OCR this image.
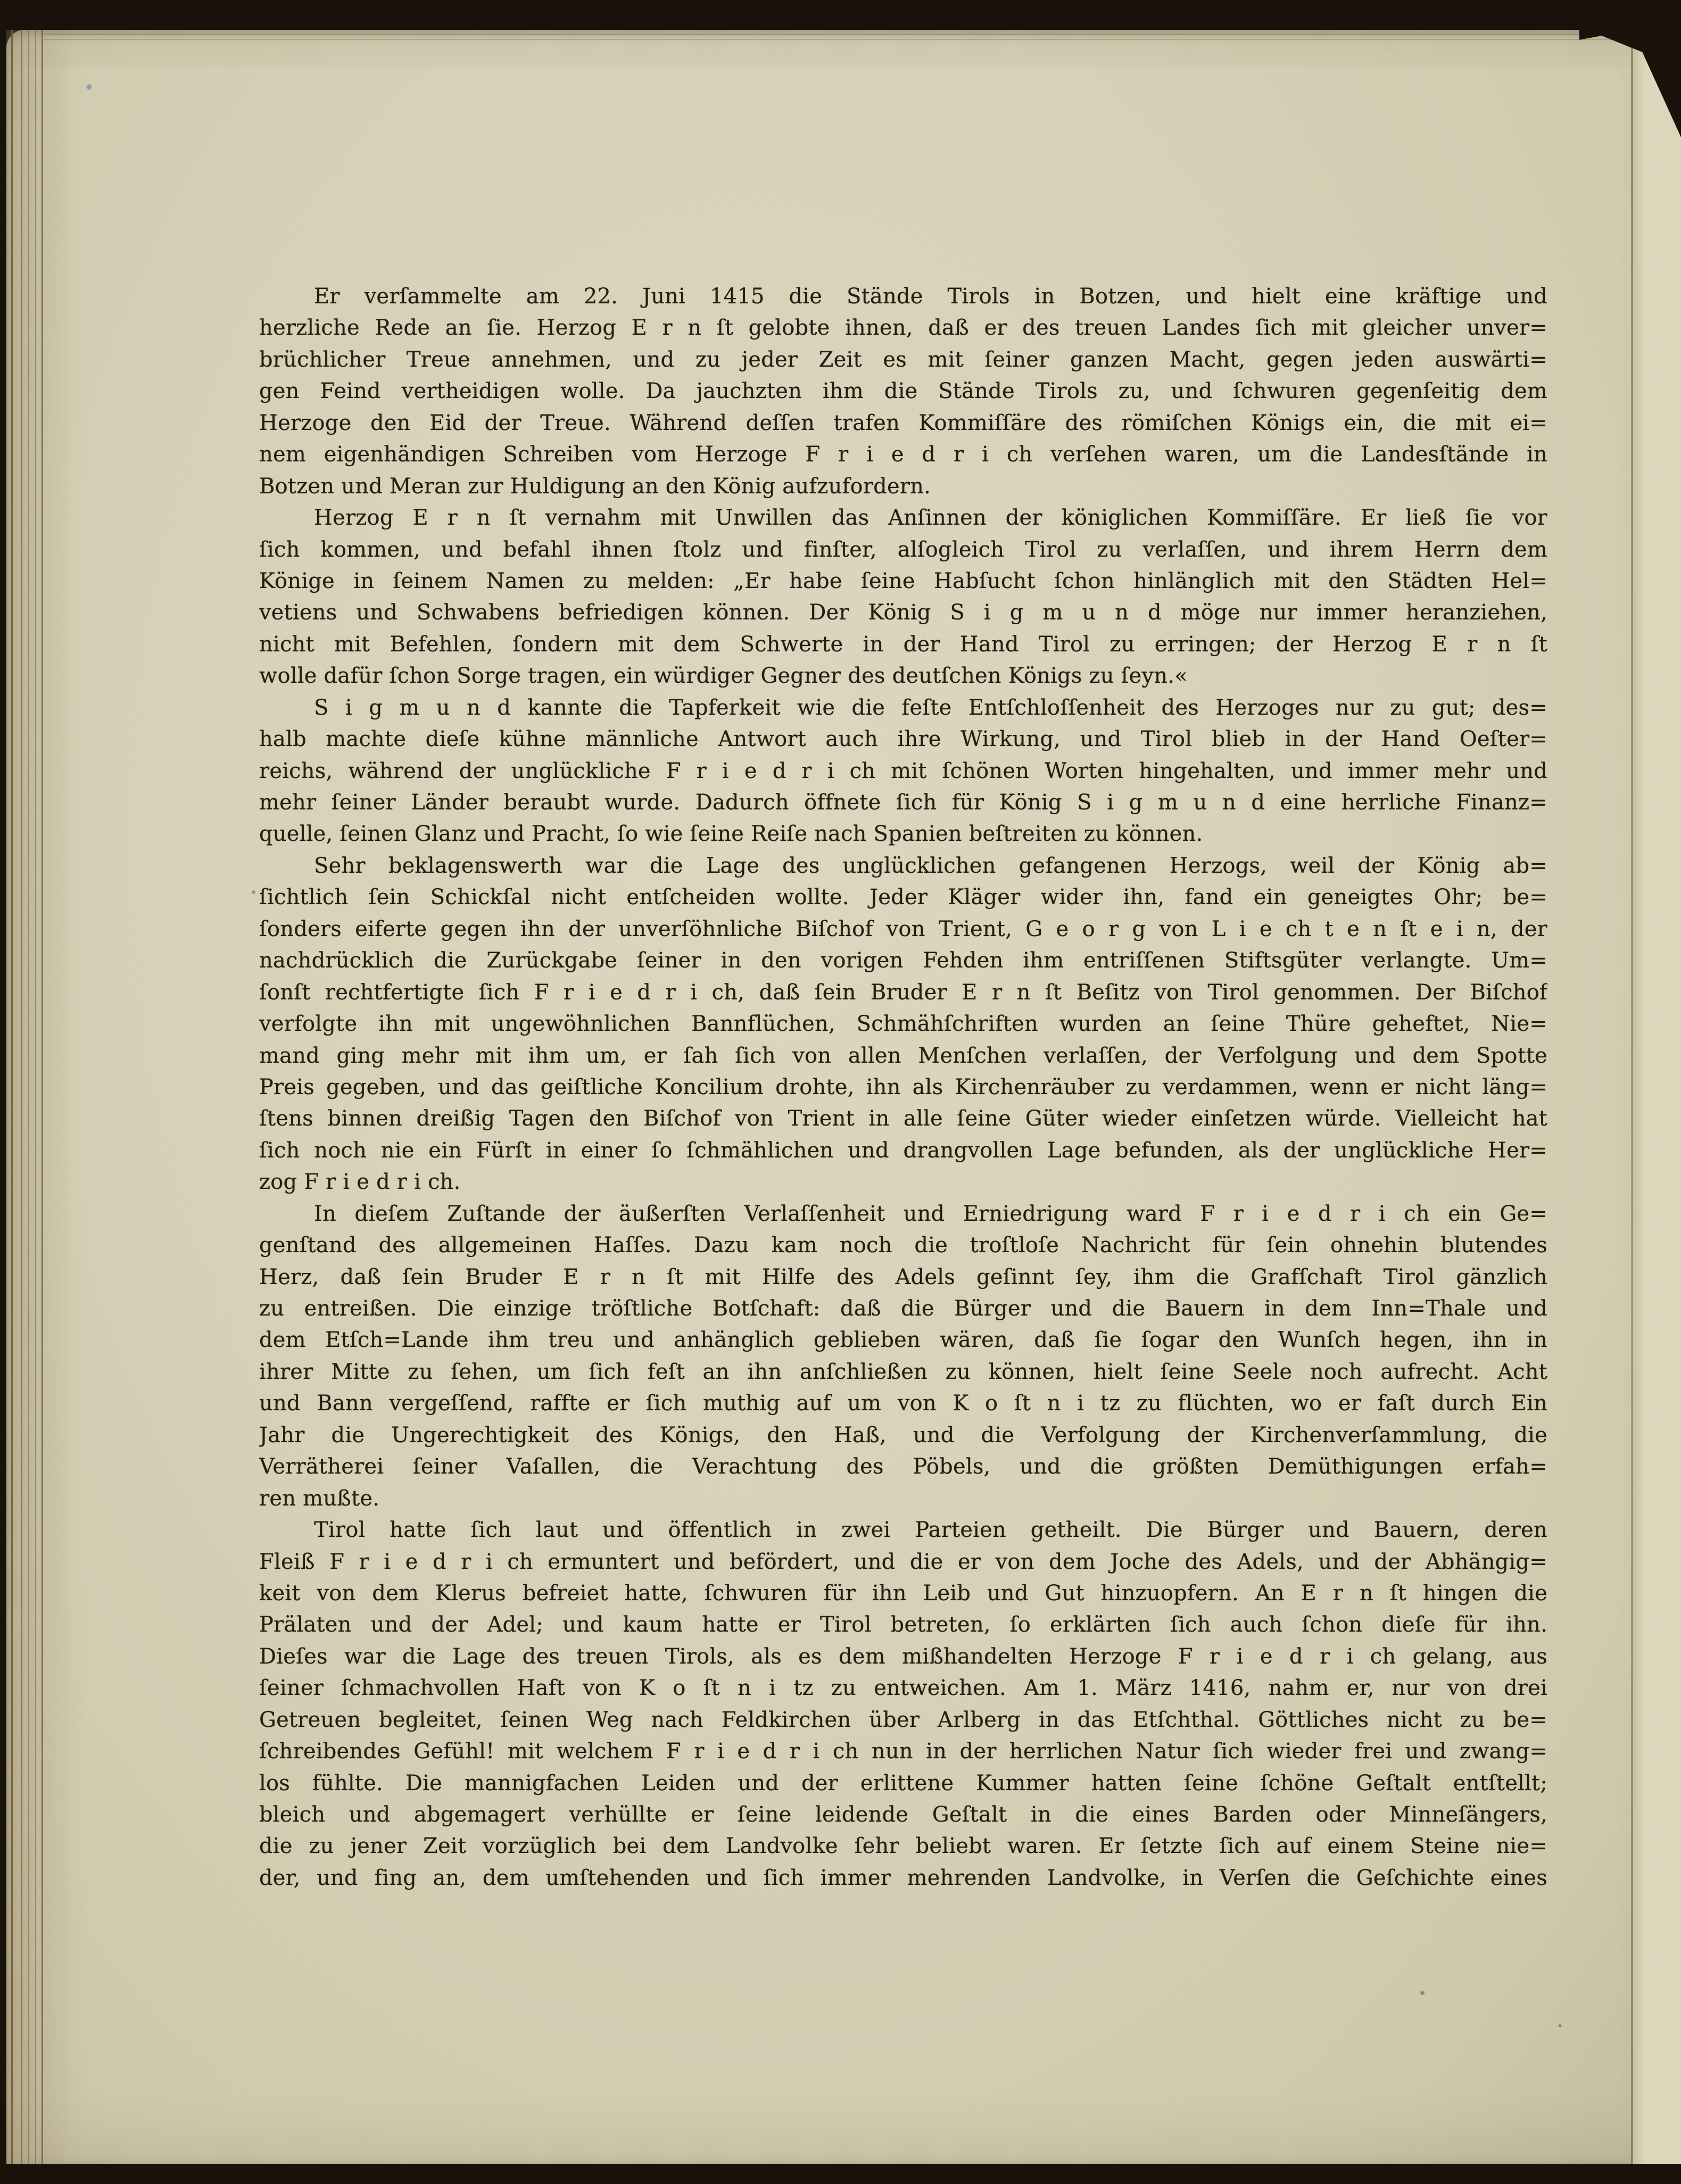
Er verſammelte am 22. Juni 1415 die Stände Tirols in Botzen, und hielt eine kräftige und
herzliche Rede an ſie. Herzog E r n ſt gelobte ihnen, daß er des treuen Landes ſich mit gleicher unver=
brüchlicher Treue annehmen, und zu jeder Zeit es mit ſeiner ganzen Macht, gegen jeden auswärti=
gen Feind vertheidigen wolle. Da jauchzten ihm die Stände Tirols zu, und ſchwuren gegenſeitig dem
Herzoge den Eid der Treue. Während deſſen trafen Kommiſſäre des römiſchen Königs ein, die mit ei=
nem eigenhändigen Schreiben vom Herzoge F r i e d r i ch verſehen waren, um die Landesſtände in
Botzen und Meran zur Huldigung an den König aufzufordern.
Herzog E r n ſt vernahm mit Unwillen das Anſinnen der königlichen Kommiſſäre. Er ließ ſie vor
ſich kommen, und befahl ihnen ſtolz und finſter, alſogleich Tirol zu verlaſſen, und ihrem Herrn dem
Könige in ſeinem Namen zu melden: „Er habe ſeine Habſucht ſchon hinlänglich mit den Städten Hel=
vetiens und Schwabens befriedigen können. Der König S i g m u n d möge nur immer heranziehen,
nicht mit Befehlen, ſondern mit dem Schwerte in der Hand Tirol zu erringen; der Herzog E r n ſt
wolle dafür ſchon Sorge tragen, ein würdiger Gegner des deutſchen Königs zu ſeyn.«
S i g m u n d kannte die Tapferkeit wie die feſte Entſchloſſenheit des Herzoges nur zu gut; des=
halb machte dieſe kühne männliche Antwort auch ihre Wirkung, und Tirol blieb in der Hand Oeſter=
reichs, während der unglückliche F r i e d r i ch mit ſchönen Worten hingehalten, und immer mehr und
mehr ſeiner Länder beraubt wurde. Dadurch öffnete ſich für König S i g m u n d eine herrliche Finanz=
quelle, ſeinen Glanz und Pracht, ſo wie ſeine Reiſe nach Spanien beſtreiten zu können.
Sehr beklagenswerth war die Lage des unglücklichen gefangenen Herzogs, weil der König ab=
ſichtlich ſein Schickſal nicht entſcheiden wollte. Jeder Kläger wider ihn, fand ein geneigtes Ohr; be=
ſonders eiferte gegen ihn der unverſöhnliche Biſchof von Trient, G e o r g von L i e ch t e n ſt e i n, der
nachdrücklich die Zurückgabe ſeiner in den vorigen Fehden ihm entriſſenen Stiftsgüter verlangte. Um=
ſonſt rechtfertigte ſich F r i e d r i ch, daß ſein Bruder E r n ſt Beſitz von Tirol genommen. Der Biſchof
verfolgte ihn mit ungewöhnlichen Bannflüchen, Schmähſchriften wurden an ſeine Thüre geheftet, Nie=
mand ging mehr mit ihm um, er ſah ſich von allen Menſchen verlaſſen, der Verfolgung und dem Spotte
Preis gegeben, und das geiſtliche Koncilium drohte, ihn als Kirchenräuber zu verdammen, wenn er nicht läng=
ſtens binnen dreißig Tagen den Biſchof von Trient in alle ſeine Güter wieder einſetzen würde. Vielleicht hat
ſich noch nie ein Fürſt in einer ſo ſchmählichen und drangvollen Lage befunden, als der unglückliche Her=
zog F r i e d r i ch.
In dieſem Zuſtande der äußerſten Verlaſſenheit und Erniedrigung ward F r i e d r i ch ein Ge=
genſtand des allgemeinen Haſſes. Dazu kam noch die troſtloſe Nachricht für ſein ohnehin blutendes
Herz, daß ſein Bruder E r n ſt mit Hilfe des Adels geſinnt ſey, ihm die Grafſchaft Tirol gänzlich
zu entreißen. Die einzige tröſtliche Botſchaft: daß die Bürger und die Bauern in dem Inn=Thale und
dem Etſch=Lande ihm treu und anhänglich geblieben wären, daß ſie ſogar den Wunſch hegen, ihn in
ihrer Mitte zu ſehen, um ſich feſt an ihn anſchließen zu können, hielt ſeine Seele noch aufrecht. Acht
und Bann vergeſſend, raffte er ſich muthig auf um von K o ſt n i tz zu flüchten, wo er faſt durch Ein
Jahr die Ungerechtigkeit des Königs, den Haß, und die Verfolgung der Kirchenverſammlung, die
Verrätherei ſeiner Vaſallen, die Verachtung des Pöbels, und die größten Demüthigungen erfah=
ren mußte.
Tirol hatte ſich laut und öffentlich in zwei Parteien getheilt. Die Bürger und Bauern, deren
Fleiß F r i e d r i ch ermuntert und befördert, und die er von dem Joche des Adels, und der Abhängig=
keit von dem Klerus befreiet hatte, ſchwuren für ihn Leib und Gut hinzuopfern. An E r n ſt hingen die
Prälaten und der Adel; und kaum hatte er Tirol betreten, ſo erklärten ſich auch ſchon dieſe für ihn.
Dieſes war die Lage des treuen Tirols, als es dem mißhandelten Herzoge F r i e d r i ch gelang, aus
ſeiner ſchmachvollen Haft von K o ſt n i tz zu entweichen. Am 1. März 1416, nahm er, nur von drei
Getreuen begleitet, ſeinen Weg nach Feldkirchen über Arlberg in das Etſchthal. Göttliches nicht zu be=
ſchreibendes Gefühl! mit welchem F r i e d r i ch nun in der herrlichen Natur ſich wieder frei und zwang=
los fühlte. Die mannigfachen Leiden und der erlittene Kummer hatten ſeine ſchöne Geſtalt entſtellt;
bleich und abgemagert verhüllte er ſeine leidende Geſtalt in die eines Barden oder Minneſängers,
die zu jener Zeit vorzüglich bei dem Landvolke ſehr beliebt waren. Er ſetzte ſich auf einem Steine nie=
der, und fing an, dem umſtehenden und ſich immer mehrenden Landvolke, in Verſen die Geſchichte eines
